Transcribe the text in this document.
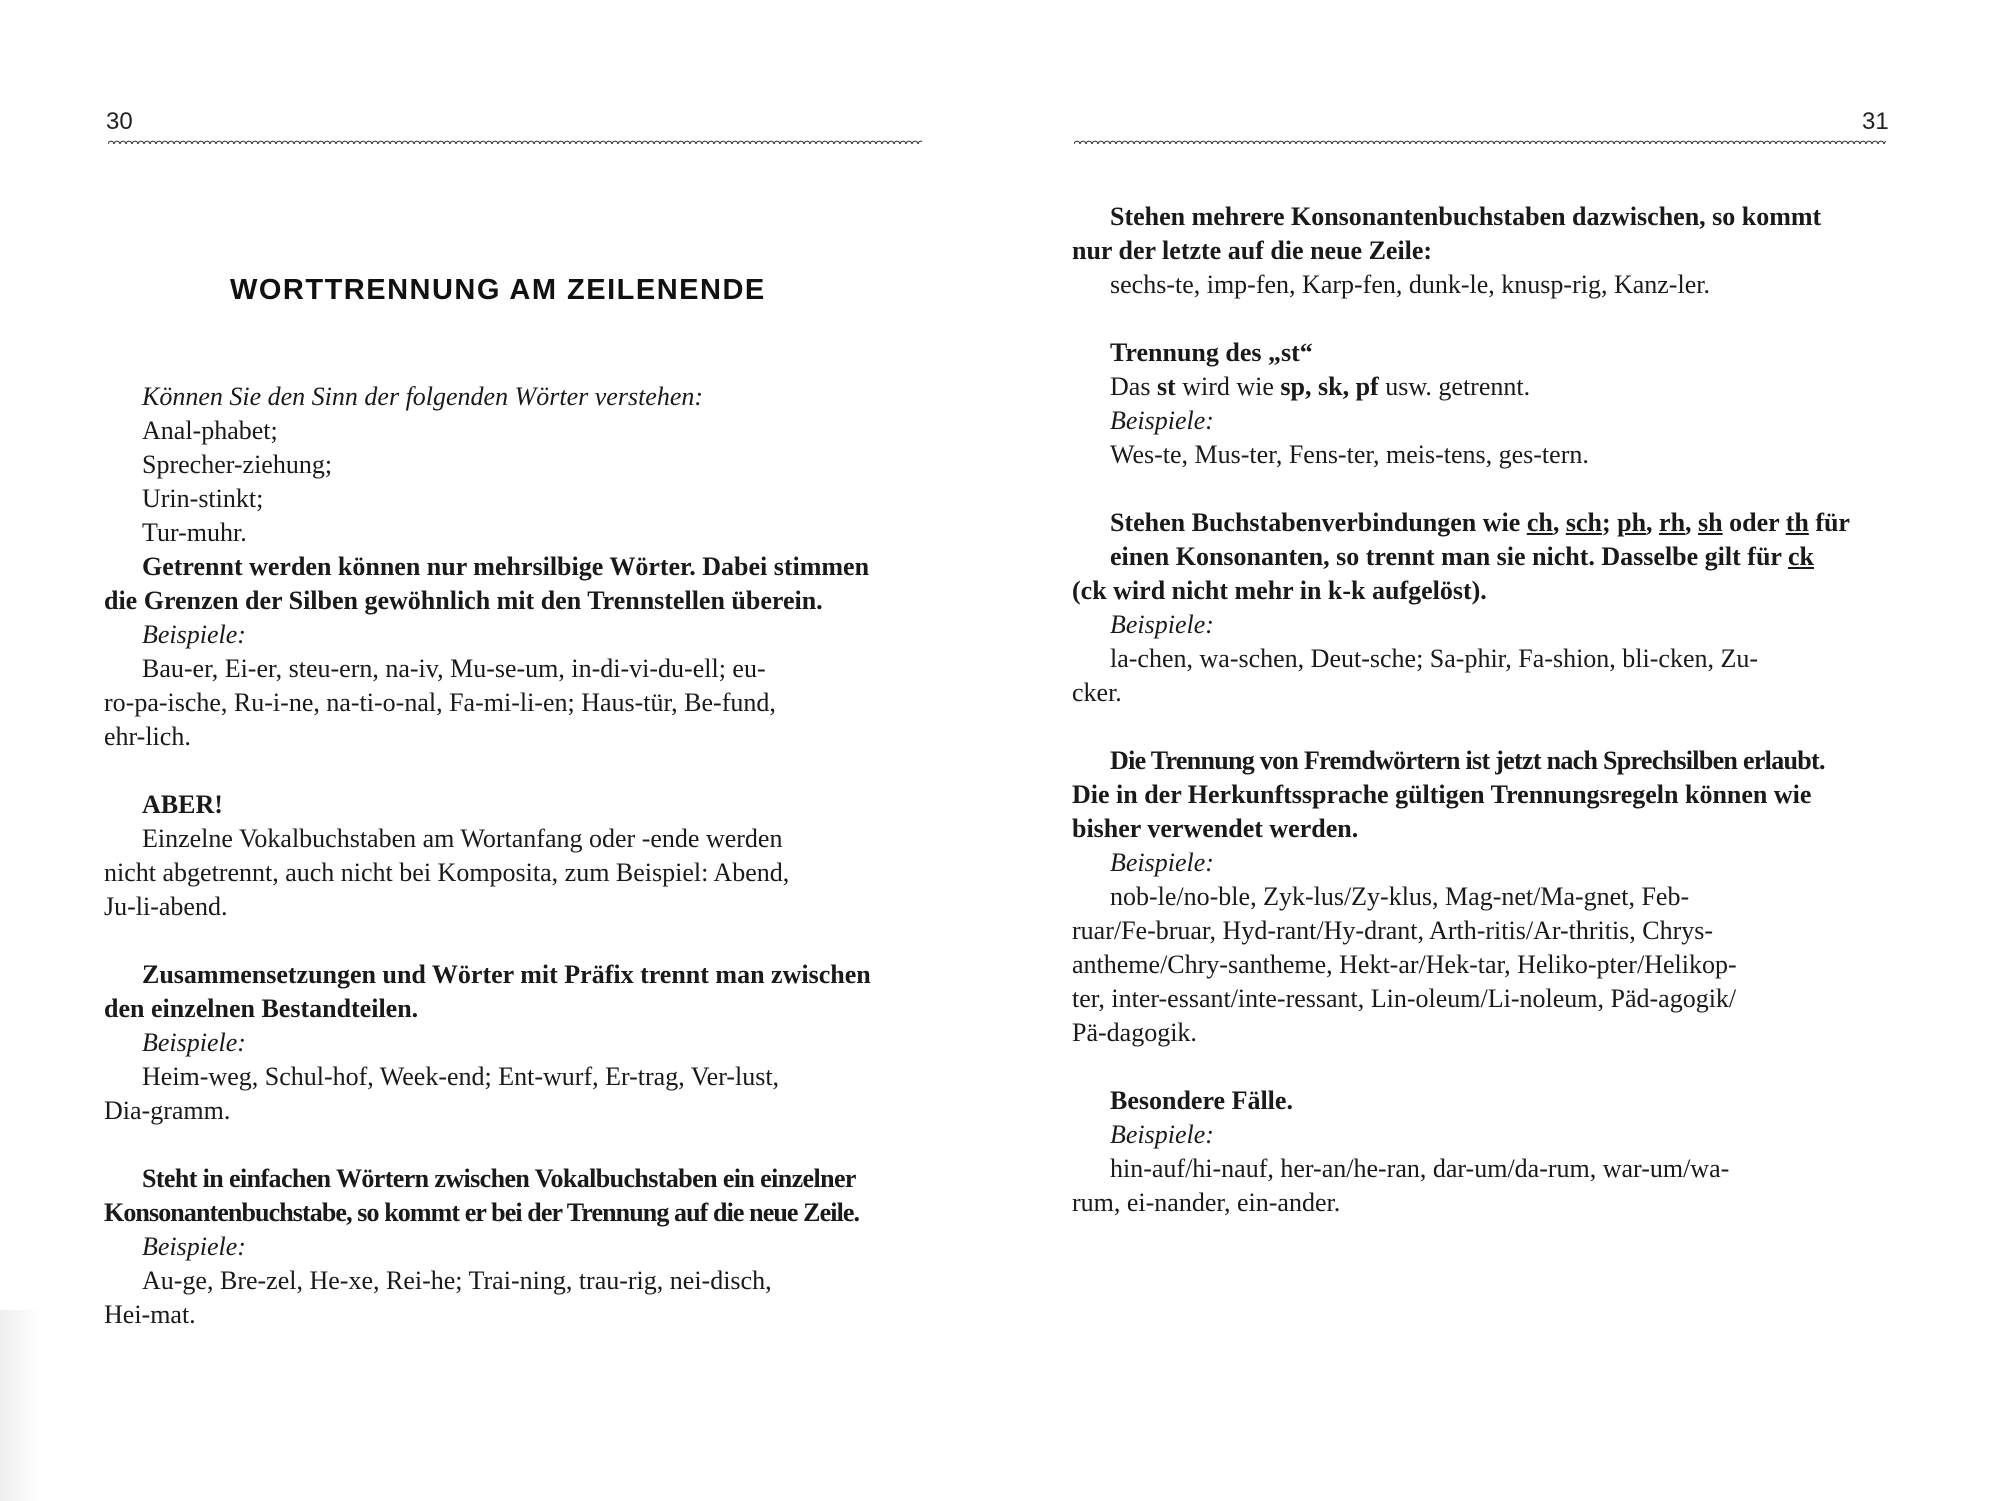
30
WORTTRENNUNG AM ZEILENENDE
Können Sie den Sinn der folgenden Wörter verstehen:
Anal-phabet;
Sprecher-ziehung;
Urin-stinkt;
Tur-muhr.
Getrennt werden können nur mehrsilbige Wörter. Dabei stimmen
die Grenzen der Silben gewöhnlich mit den Trennstellen überein.
Beispiele:
Bau-er, Ei-er, steu-ern, na-iv, Mu-se-um, in-di-vi-du-ell; eu-
ro-pa-ische, Ru-i-ne, na-ti-o-nal, Fa-mi-li-en; Haus-tür, Be-fund,
ehr-lich.
ABER!
Einzelne Vokalbuchstaben am Wortanfang oder -ende werden
nicht abgetrennt, auch nicht bei Komposita, zum Beispiel: Abend,
Ju-li-abend.
Zusammensetzungen und Wörter mit Präfix trennt man zwischen
den einzelnen Bestandteilen.
Beispiele:
Heim-weg, Schul-hof, Week-end; Ent-wurf, Er-trag, Ver-lust,
Dia-gramm.
Steht in einfachen Wörtern zwischen Vokalbuchstaben ein einzelner
Konsonantenbuchstabe, so kommt er bei der Trennung auf die neue Zeile.
Beispiele:
Au-ge, Bre-zel, He-xe, Rei-he; Trai-ning, trau-rig, nei-disch,
Hei-mat.
31
Stehen mehrere Konsonantenbuchstaben dazwischen, so kommt
nur der letzte auf die neue Zeile:
sechs-te, imp-fen, Karp-fen, dunk-le, knusp-rig, Kanz-ler.
Trennung des „st“
Das st wird wie sp, sk, pf usw. getrennt.
Beispiele:
Wes-te, Mus-ter, Fens-ter, meis-tens, ges-tern.
Stehen Buchstabenverbindungen wie ch, sch; ph, rh, sh oder th für
einen Konsonanten, so trennt man sie nicht. Dasselbe gilt für ck
(ck wird nicht mehr in k-k aufgelöst).
Beispiele:
la-chen, wa-schen, Deut-sche; Sa-phir, Fa-shion, bli-cken, Zu-
cker.
Die Trennung von Fremdwörtern ist jetzt nach Sprechsilben erlaubt.
Die in der Herkunftssprache gültigen Trennungsregeln können wie
bisher verwendet werden.
Beispiele:
nob-le/no-ble, Zyk-lus/Zy-klus, Mag-net/Ma-gnet, Feb-
ruar/Fe-bruar, Hyd-rant/Hy-drant, Arth-ritis/Ar-thritis, Chrys-
antheme/Chry-santheme, Hekt-ar/Hek-tar, Heliko-pter/Helikop-
ter, inter-essant/inte-ressant, Lin-oleum/Li-noleum, Päd-agogik/
Pä-dagogik.
Besondere Fälle.
Beispiele:
hin-auf/hi-nauf, her-an/he-ran, dar-um/da-rum, war-um/wa-
rum, ei-nander, ein-ander.
